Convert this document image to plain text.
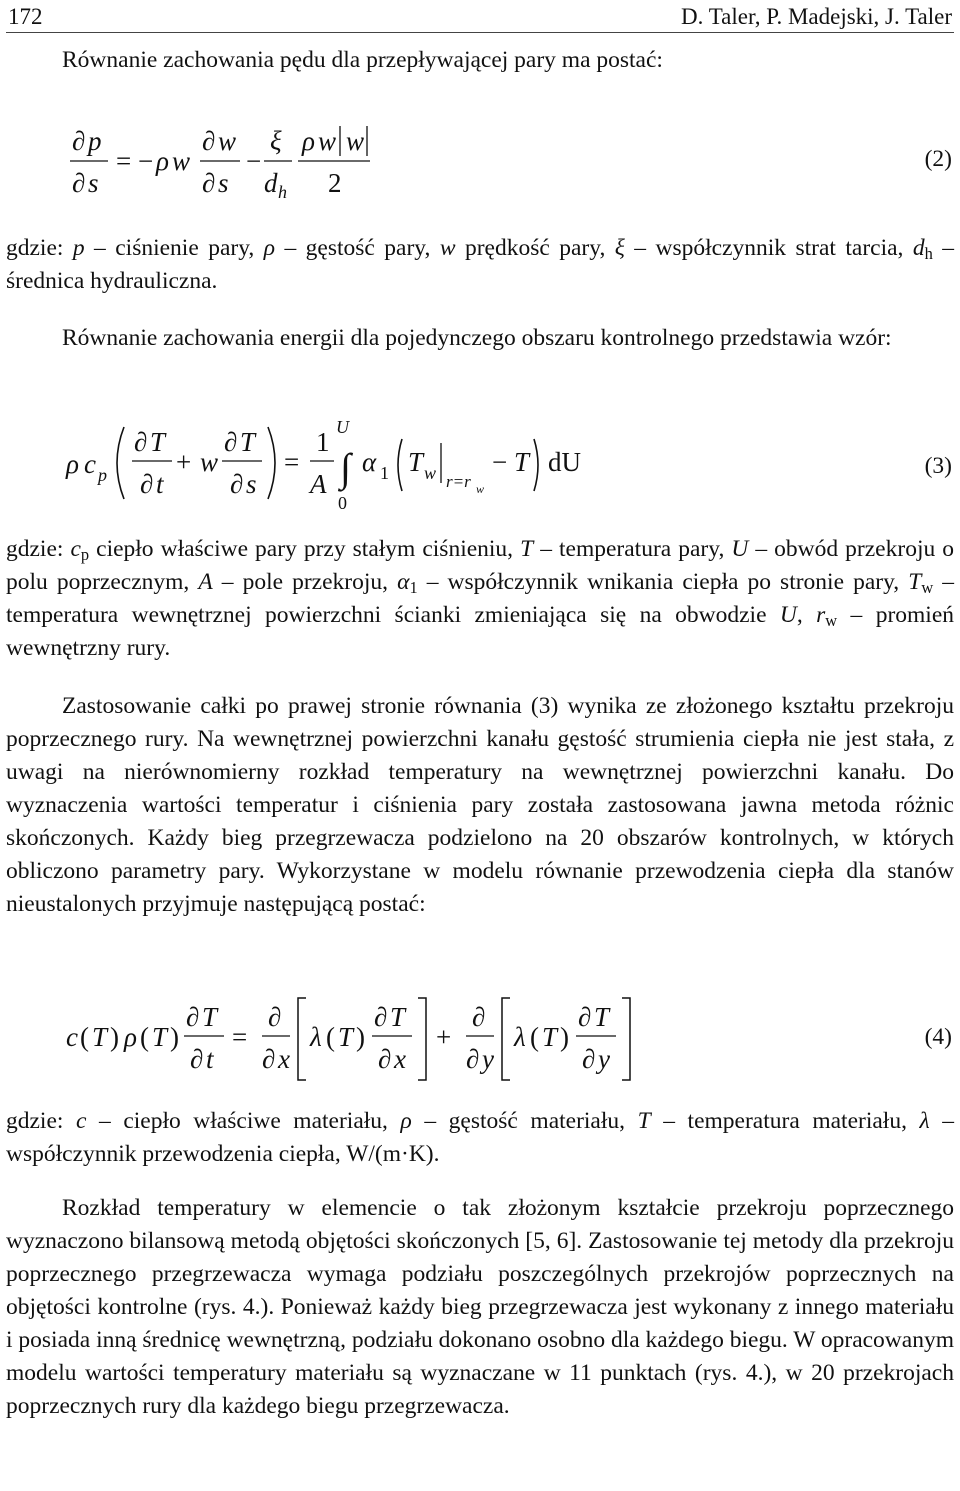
172	D. Taler, P. Madejski, J. Taler

Równanie zachowania pędu dla przepływającej pary ma postać:

∂ p
∂ s
= − ρ w
∂ w
∂ s
−
ξ
d h
ρ w w
2
(2)

gdzie: p – ciśnienie pary, ρ – gęstość pary, w prędkość pary, ξ – współczynnik strat tarcia, $d_h$ – średnica hydrauliczna.

Równanie zachowania energii dla pojedynczego obszaru kontrolnego przedstawia wzór:

ρ c p
∂ T
∂ t
+ w
∂ T
∂ s
=
1
A ∫
U
0
α 1 T w r=r w
− T dU	(3)

gdzie: $c_p$ ciepło właściwe pary przy stałym ciśnieniu, T – temperatura pary, U – obwód przekroju o polu poprzecznym, A – pole przekroju, $\alpha_1$ – współczynnik wnikania ciepła po stronie pary, $T_w$ – temperatura wewnętrznej powierzchni ścianki zmieniająca się na obwodzie U, $r_w$ – promień wewnętrzny rury.

Zastosowanie całki po prawej stronie równania (3) wynika ze złożonego kształtu przekroju poprzecznego rury. Na wewnętrznej powierzchni kanału gęstość strumienia ciepła nie jest stała, z uwagi na nierównomierny rozkład temperatury na wewnętrznej powierzchni kanału. Do wyznaczenia wartości temperatur i ciśnienia pary została zastosowana jawna metoda różnic skończonych. Każdy bieg przegrzewacza podzielono na 20 obszarów kontrolnych, w których obliczono parametry pary. Wykorzystane w modelu równanie przewodzenia ciepła dla stanów nieustalonych przyjmuje następującą postać:

c ( T ) ρ ( T )
∂ T
∂ t
=
∂
∂ x
λ ( T )
∂ T
∂ x
+
∂
∂ y
λ ( T )
∂ T
∂ y
(4)

gdzie: c – ciepło właściwe materiału, ρ – gęstość materiału, T – temperatura materiału, λ – współczynnik przewodzenia ciepła, W/(m·K).

Rozkład temperatury w elemencie o tak złożonym kształcie przekroju poprzecznego wyznaczono bilansową metodą objętości skończonych [5, 6]. Zastosowanie tej metody dla przekroju poprzecznego przegrzewacza wymaga podziału poszczególnych przekrojów poprzecznych na objętości kontrolne (rys. 4.). Ponieważ każdy bieg przegrzewacza jest wykonany z innego materiału i posiada inną średnicę wewnętrzną, podziału dokonano osobno dla każdego biegu. W opracowanym modelu wartości temperatury materiału są wyznaczane w 11 punktach (rys. 4.), w 20 przekrojach poprzecznych rury dla każdego biegu przegrzewacza.
